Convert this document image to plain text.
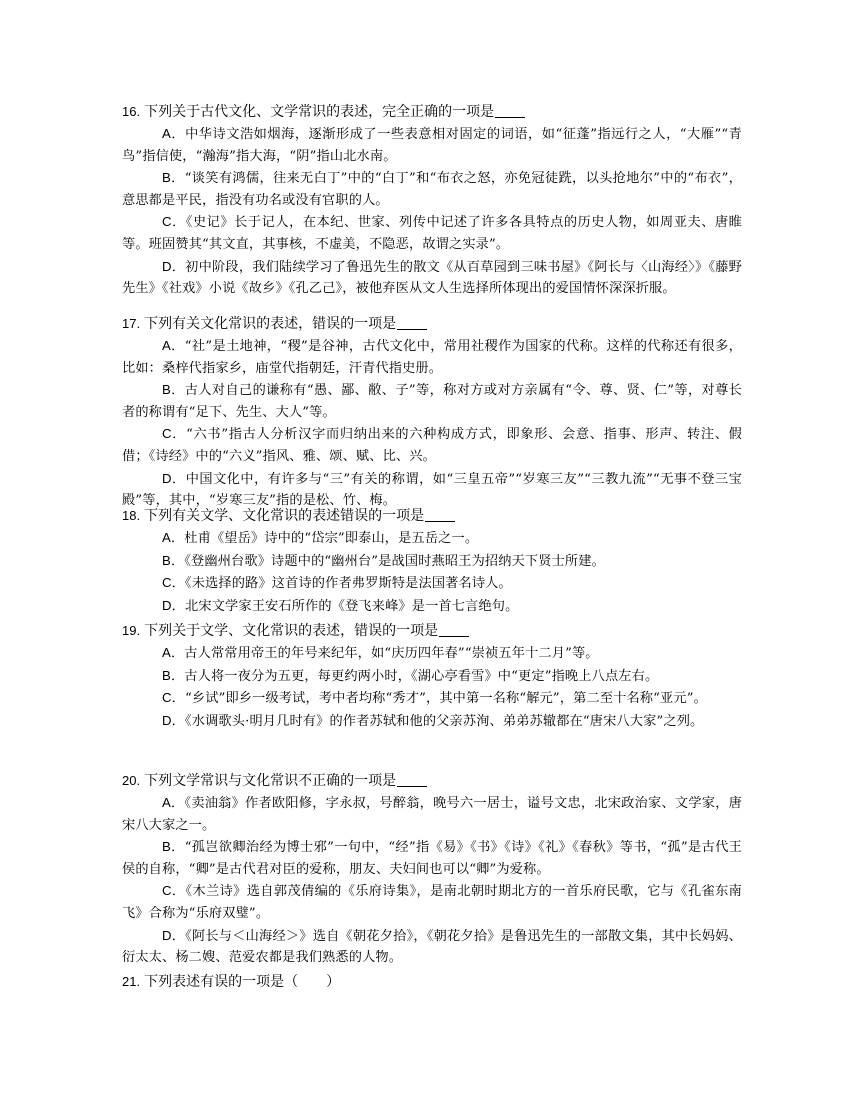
16. 下列关于古代文化、文学常识的表述，完全正确的一项是

A．中华诗文浩如烟海，逐渐形成了一些表意相对固定的词语，如“征蓬”指远行之人，“大雁”“青鸟”指信使，“瀚海”指大海，“阴”指山北水南。

B．“谈笑有鸿儒，往来无白丁”中的“白丁”和“布衣之怒，亦免冠徒跣，以头抢地尔”中的“布衣”，意思都是平民，指没有功名或没有官职的人。

C．《史记》长于记人，在本纪、世家、列传中记述了许多各具特点的历史人物，如周亚夫、唐睢等。班固赞其“其文直，其事核，不虚美，不隐恶，故谓之实录”。

D．初中阶段，我们陆续学习了鲁迅先生的散文《从百草园到三味书屋》《阿长与〈山海经〉》《藤野先生》《社戏》小说《故乡》《孔乙己》，被他弃医从文人生选择所体现出的爱国情怀深深折服。

17. 下列有关文化常识的表述，错误的一项是

A．“社”是土地神，“稷”是谷神，古代文化中，常用社稷作为国家的代称。这样的代称还有很多，比如：桑梓代指家乡，庙堂代指朝廷，汗青代指史册。

B．古人对自己的谦称有“愚、鄙、敝、子”等，称对方或对方亲属有“令、尊、贤、仁”等，对尊长者的称谓有“足下、先生、大人”等。

C．“六书”指古人分析汉字而归纳出来的六种构成方式，即象形、会意、指事、形声、转注、假借；《诗经》中的“六义”指风、雅、颂、赋、比、兴。

D．中国文化中，有许多与“三”有关的称谓，如“三皇五帝”“岁寒三友”“三教九流”“无事不登三宝殿”等，其中，“岁寒三友”指的是松、竹、梅。

18. 下列有关文学、文化常识的表述错误的一项是

A．杜甫《望岳》诗中的“岱宗”即泰山，是五岳之一。

B．《登幽州台歌》诗题中的“幽州台”是战国时燕昭王为招纳天下贤士所建。

C．《未选择的路》这首诗的作者弗罗斯特是法国著名诗人。

D．北宋文学家王安石所作的《登飞来峰》是一首七言绝句。

19. 下列关于文学、文化常识的表述，错误的一项是

A．古人常常用帝王的年号来纪年，如“庆历四年春”“崇祯五年十二月”等。

B．古人将一夜分为五更，每更约两小时，《湖心亭看雪》中“更定”指晚上八点左右。

C．“乡试”即乡一级考试，考中者均称“秀才”，其中第一名称“解元”，第二至十名称“亚元”。

D．《水调歌头·明月几时有》的作者苏轼和他的父亲苏洵、弟弟苏辙都在“唐宋八大家”之列。

20. 下列文学常识与文化常识不正确的一项是

A．《卖油翁》作者欧阳修，字永叔，号醉翁，晚号六一居士，谥号文忠，北宋政治家、文学家，唐宋八大家之一。

B．“孤岂欲卿治经为博士邪”一句中，“经”指《易》《书》《诗》《礼》《春秋》等书，“孤”是古代王侯的自称，“卿”是古代君对臣的爱称，朋友、夫妇间也可以“卿”为爱称。

C．《木兰诗》选自郭茂倩编的《乐府诗集》，是南北朝时期北方的一首乐府民歌，它与《孔雀东南飞》合称为“乐府双璧”。

D．《阿长与＜山海经＞》选自《朝花夕拾》，《朝花夕拾》是鲁迅先生的一部散文集，其中长妈妈、衍太太、杨二嫂、范爱农都是我们熟悉的人物。

21. 下列表述有误的一项是（　　）
